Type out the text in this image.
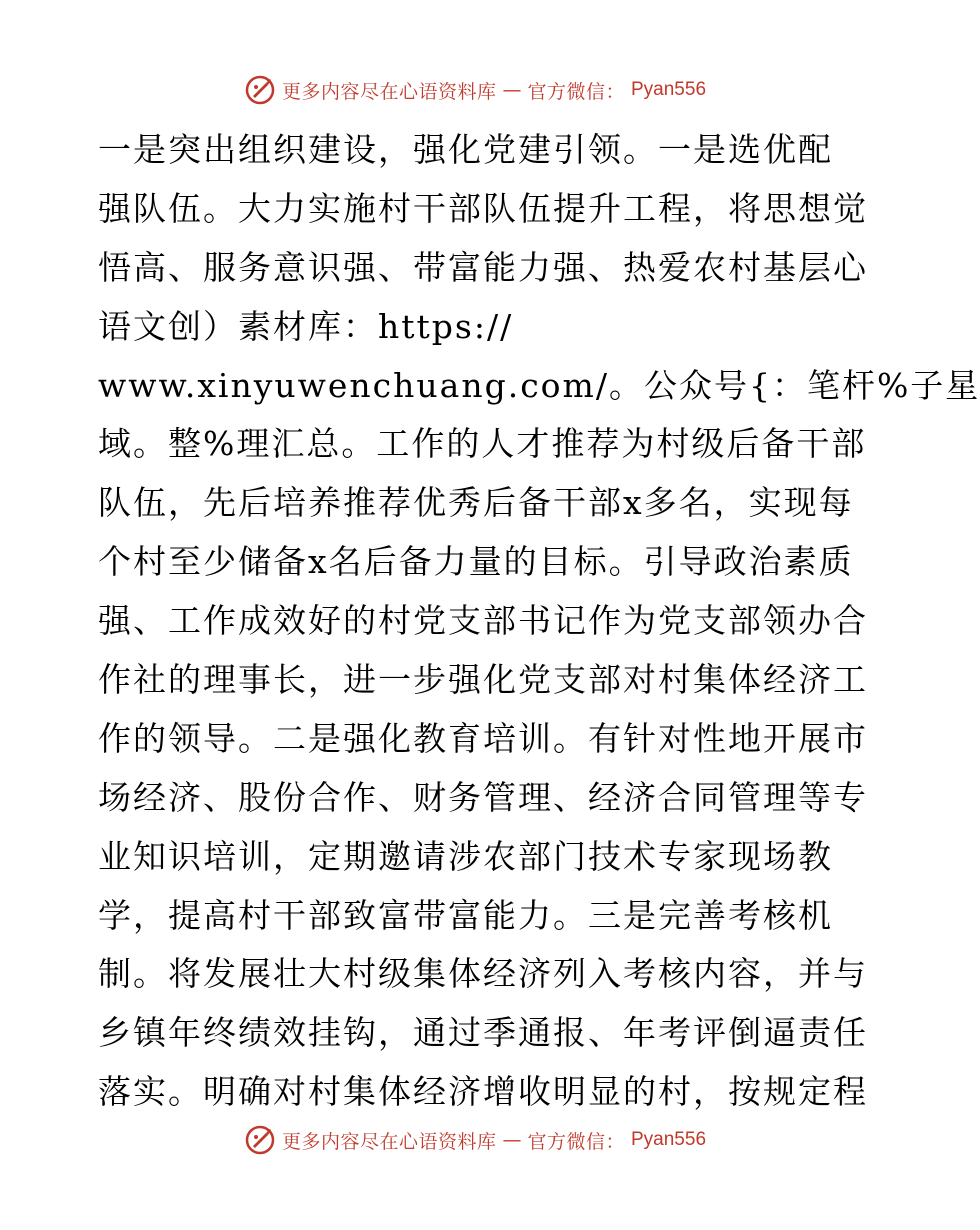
更多内容尽在心语资料库 — 官方微信： Pyan556
一是突出组织建设，强化党建引领。一是选优配
强队伍。大力实施村干部队伍提升工程，将思想觉
悟高、服务意识强、带富能力强、热爱农村基层心
语文创）素材库：https://
www.xinyuwenchuang.com/。公众号{：笔杆%子星
域。整%理汇总。工作的人才推荐为村级后备干部
队伍，先后培养推荐优秀后备干部x多名，实现每
个村至少储备x名后备力量的目标。引导政治素质
强、工作成效好的村党支部书记作为党支部领办合
作社的理事长，进一步强化党支部对村集体经济工
作的领导。二是强化教育培训。有针对性地开展市
场经济、股份合作、财务管理、经济合同管理等专
业知识培训，定期邀请涉农部门技术专家现场教
学，提高村干部致富带富能力。三是完善考核机
制。将发展壮大村级集体经济列入考核内容，并与
乡镇年终绩效挂钩，通过季通报、年考评倒逼责任
落实。明确对村集体经济增收明显的村，按规定程
更多内容尽在心语资料库 — 官方微信： Pyan556
